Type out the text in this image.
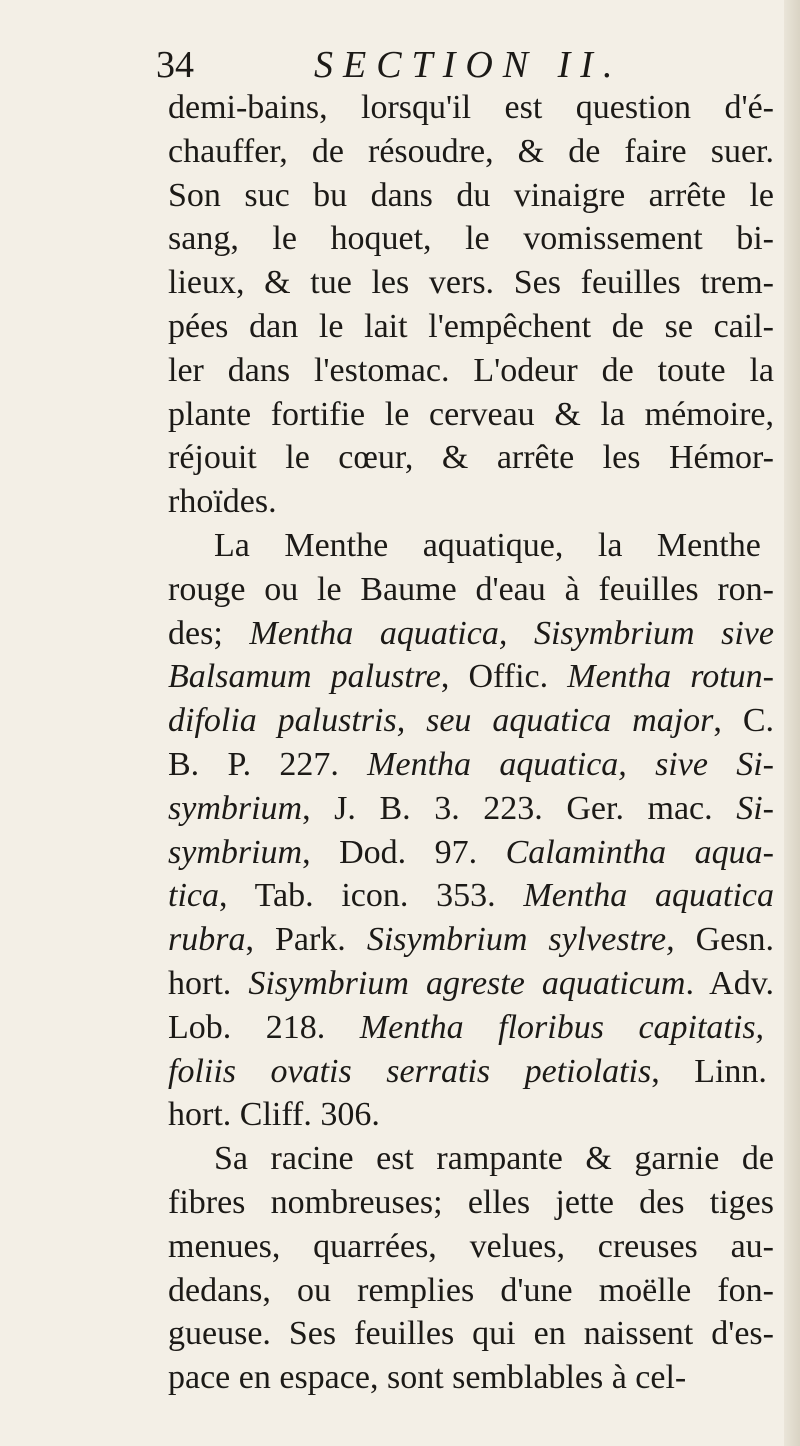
34	SECTION II.
demi-bains, lorsqu'il est question d'é-
chauffer, de résoudre, & de faire suer.
Son suc bu dans du vinaigre arrête le
sang, le hoquet, le vomissement bi-
lieux, & tue les vers. Ses feuilles trem-
pées dan le lait l'empêchent de se cail-
ler dans l'estomac. L'odeur de toute la
plante fortifie le cerveau & la mémoire,
réjouit le cœur, & arrête les Hémor-
rhoïdes.
La Menthe aquatique, la Menthe
rouge ou le Baume d'eau à feuilles ron-
des; Mentha aquatica, Sisymbrium sive
Balsamum palustre, Offic. Mentha rotun-
difolia palustris, seu aquatica major, C.
B. P. 227. Mentha aquatica, sive Si-
symbrium, J. B. 3. 223. Ger. mac. Si-
symbrium, Dod. 97. Calamintha aqua-
tica, Tab. icon. 353. Mentha aquatica
rubra, Park. Sisymbrium sylvestre, Gesn.
hort. Sisymbrium agreste aquaticum. Adv.
Lob. 218. Mentha floribus capitatis,
foliis ovatis serratis petiolatis, Linn.
hort. Cliff. 306.
Sa racine est rampante & garnie de
fibres nombreuses; elles jette des tiges
menues, quarrées, velues, creuses au-
dedans, ou remplies d'une moëlle fon-
gueuse. Ses feuilles qui en naissent d'es-
pace en espace, sont semblables à cel-
